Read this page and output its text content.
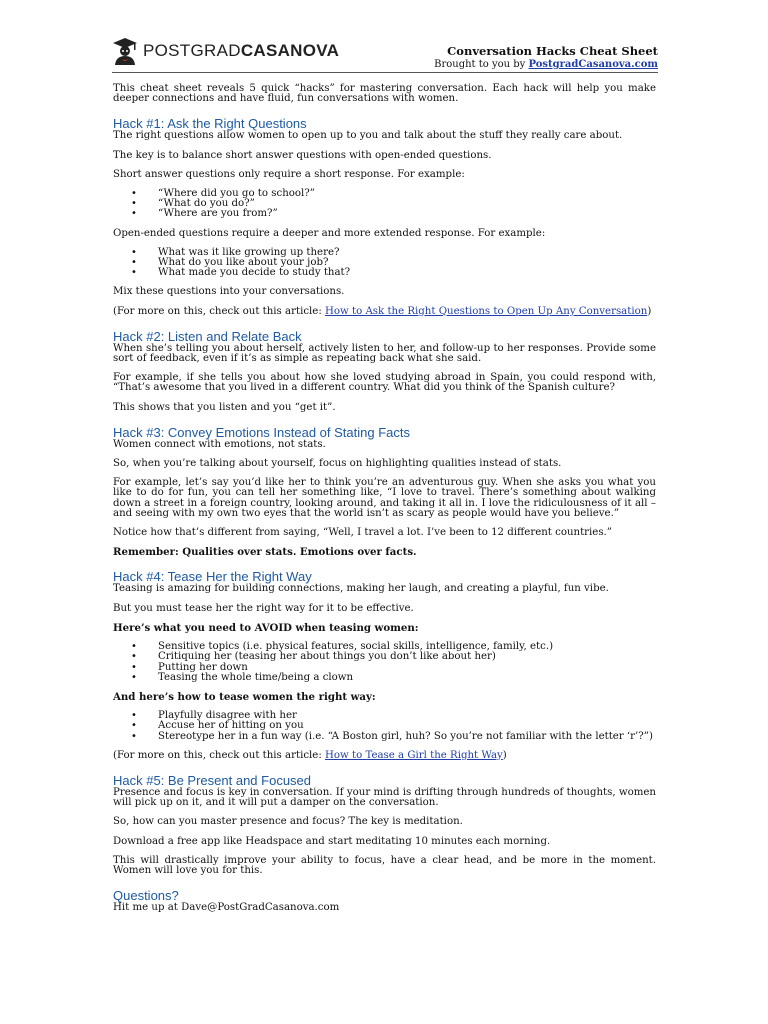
POSTGRADCASANOVA	Conversation Hacks Cheat Sheet
Brought to you by PostgradCasanova.com

This cheat sheet reveals 5 quick “hacks” for mastering conversation. Each hack will help you make deeper connections and have fluid, fun conversations with women.

Hack #1: Ask the Right Questions

The right questions allow women to open up to you and talk about the stuff they really care about.

The key is to balance short answer questions with open-ended questions.

Short answer questions only require a short response. For example:

• “Where did you go to school?”
• “What do you do?”
• “Where are you from?”

Open-ended questions require a deeper and more extended response. For example:

• What was it like growing up there?
• What do you like about your job?
• What made you decide to study that?

Mix these questions into your conversations.

(For more on this, check out this article: How to Ask the Right Questions to Open Up Any Conversation)

Hack #2: Listen and Relate Back

When she’s telling you about herself, actively listen to her, and follow-up to her responses. Provide some sort of feedback, even if it’s as simple as repeating back what she said.

For example, if she tells you about how she loved studying abroad in Spain, you could respond with, “That’s awesome that you lived in a different country. What did you think of the Spanish culture?

This shows that you listen and you “get it”.

Hack #3: Convey Emotions Instead of Stating Facts

Women connect with emotions, not stats.

So, when you’re talking about yourself, focus on highlighting qualities instead of stats.

For example, let’s say you’d like her to think you’re an adventurous guy. When she asks you what you like to do for fun, you can tell her something like, “I love to travel. There’s something about walking down a street in a foreign country, looking around, and taking it all in. I love the ridiculousness of it all – and seeing with my own two eyes that the world isn’t as scary as people would have you believe.”

Notice how that’s different from saying, “Well, I travel a lot. I’ve been to 12 different countries.”

Remember: Qualities over stats. Emotions over facts.

Hack #4: Tease Her the Right Way

Teasing is amazing for building connections, making her laugh, and creating a playful, fun vibe.

But you must tease her the right way for it to be effective.

Here’s what you need to AVOID when teasing women:

• Sensitive topics (i.e. physical features, social skills, intelligence, family, etc.)
• Critiquing her (teasing her about things you don’t like about her)
• Putting her down
• Teasing the whole time/being a clown

And here’s how to tease women the right way:

• Playfully disagree with her
• Accuse her of hitting on you
• Stereotype her in a fun way (i.e. “A Boston girl, huh? So you’re not familiar with the letter ‘r’?”)

(For more on this, check out this article: How to Tease a Girl the Right Way)

Hack #5: Be Present and Focused

Presence and focus is key in conversation. If your mind is drifting through hundreds of thoughts, women will pick up on it, and it will put a damper on the conversation.

So, how can you master presence and focus? The key is meditation.

Download a free app like Headspace and start meditating 10 minutes each morning.

This will drastically improve your ability to focus, have a clear head, and be more in the moment. Women will love you for this.

Questions?

Hit me up at Dave@PostGradCasanova.com
